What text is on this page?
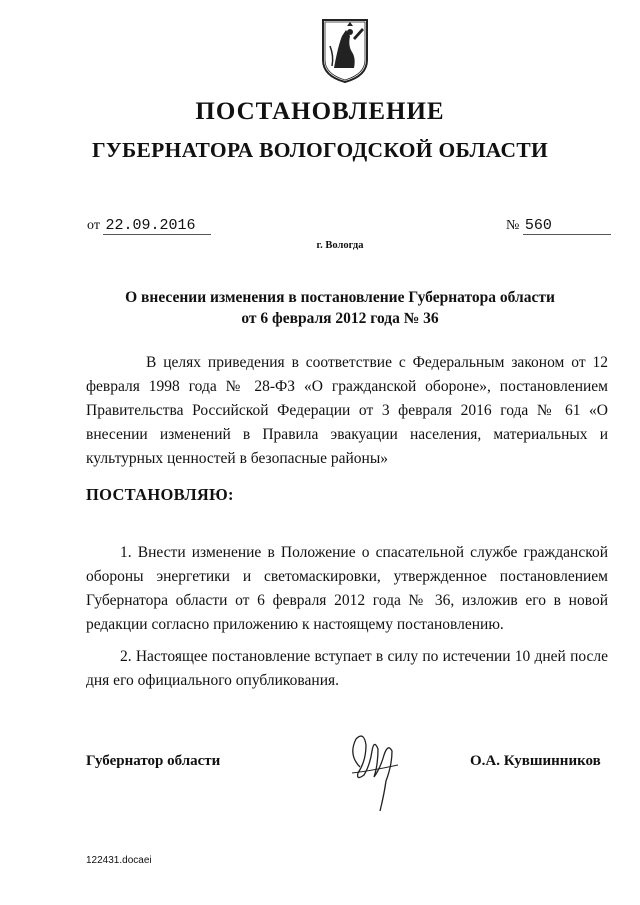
ПОСТАНОВЛЕНИЕ
ГУБЕРНАТОРА ВОЛОГОДСКОЙ ОБЛАСТИ
от 22.09.2016	№ 560
г. Вологда
О внесении изменения в постановление Губернатора области
от 6 февраля 2012 года № 36

В целях приведения в соответствие с Федеральным законом от 12 февраля 1998 года № 28-ФЗ «О гражданской обороне», постановлением Правительства Российской Федерации от 3 февраля 2016 года № 61 «О внесении изменений в Правила эвакуации населения, материальных и культурных ценностей в безопасные районы»

ПОСТАНОВЛЯЮ:

1. Внести изменение в Положение о спасательной службе гражданской обороны энергетики и светомаскировки, утвержденное постановлением Губернатора области от 6 февраля 2012 года № 36, изложив его в новой редакции согласно приложению к настоящему постановлению.

2. Настоящее постановление вступает в силу по истечении 10 дней после дня его официального опубликования.

Губернатор области	О.А. Кувшинников
122431.docaei
